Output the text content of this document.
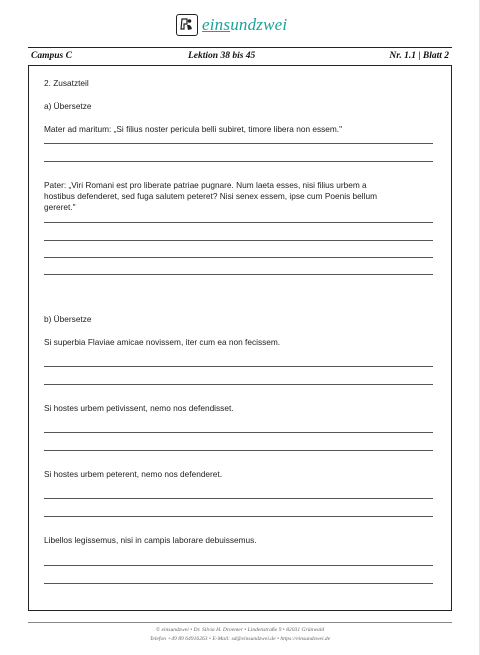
einsundzwei
Campus C	Lektion 38 bis 45	Nr. 1.1 | Blatt 2
2. Zusatzteil
a) Übersetze
Mater ad maritum: „Si filius noster pericula belli subiret, timore libera non essem."
Pater: „Viri Romani est pro liberate patriae pugnare. Num laeta esses, nisi filius urbem a
hostibus defenderet, sed fuga salutem peteret? Nisi senex essem, ipse cum Poenis bellum
gereret."
b) Übersetze
Si superbia Flaviae amicae novissem, iter cum ea non fecissem.
Si hostes urbem petivissent, nemo nos defendisset.
Si hostes urbem peterent, nemo nos defenderet.
Libellos legissemus, nisi in campis laborare debuissemus.
© einsundzwei • Dr. Silvia H. Droemer • Lindenstraße 9 • 82031 Grünwald
Telefon +49 89 64916263 • E-Mail: sd@einsundzwei.de • https://einsundzwei.de
